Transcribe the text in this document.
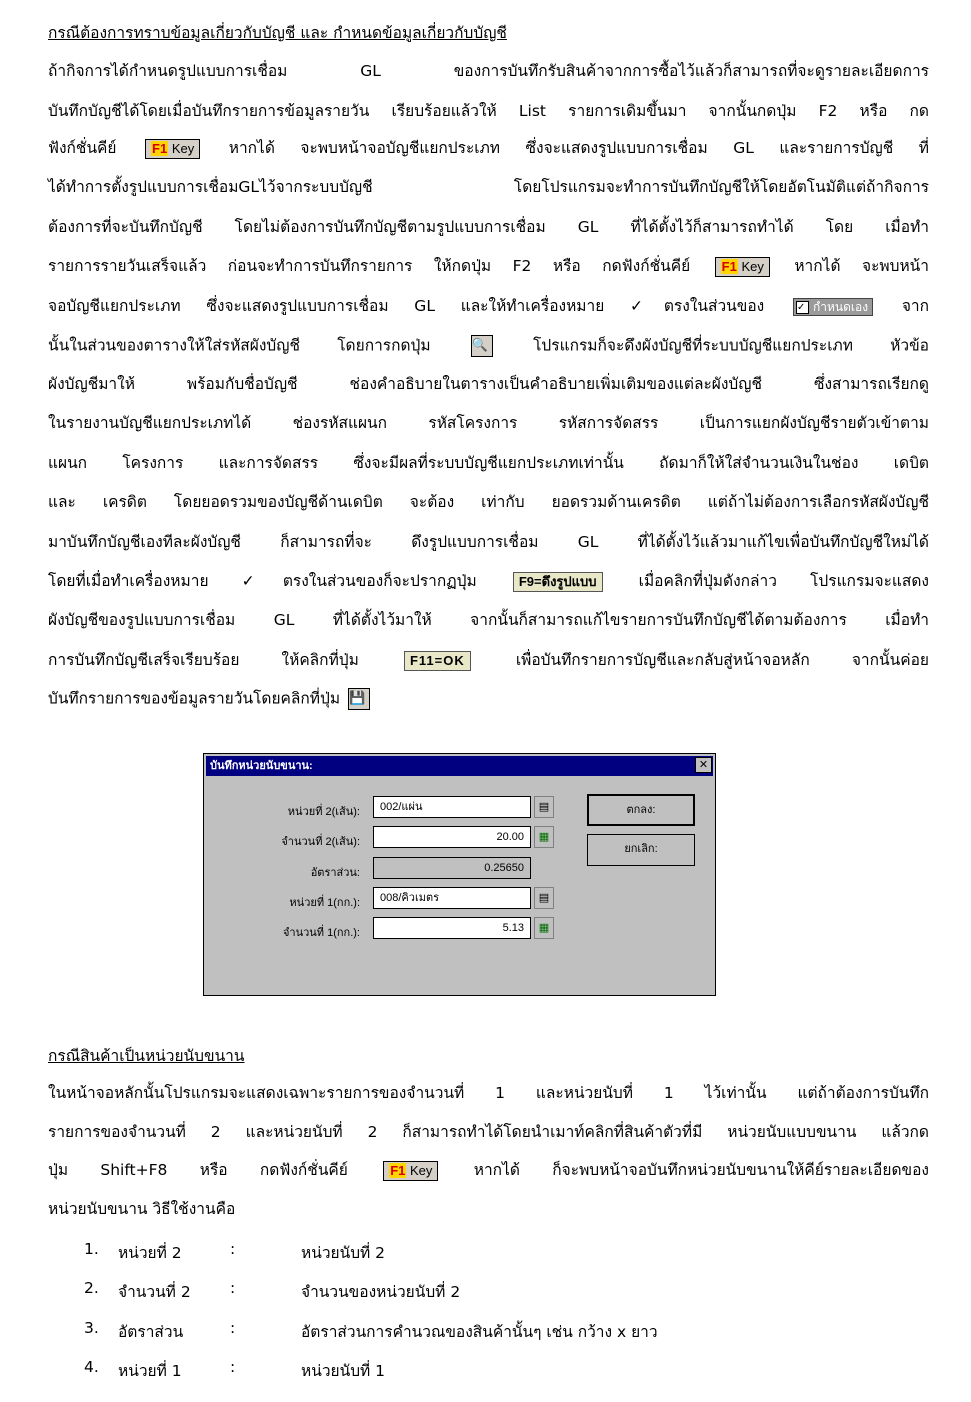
กรณีต้องการทราบข้อมูลเกี่ยวกับบัญชี และ กำหนดข้อมูลเกี่ยวกับบัญชี
ถ้ากิจการได้กำหนดรูปแบบการเชื่อม GL ของการบันทึกรับสินค้าจากการซื้อไว้แล้วก็สามารถที่จะดูรายละเอียดการ
บันทึกบัญชีได้โดยเมื่อบันทึกรายการข้อมูลรายวัน เรียบร้อยแล้วให้ List รายการเดิมขึ้นมา จากนั้นกดปุ่ม F2 หรือ กด
ฟังก์ชั่นคีย์	F1 Key หากได้ จะพบหน้าจอบัญชีแยกประเภท ซึ่งจะแสดงรูปแบบการเชื่อม GL และรายการบัญชี ที่
ได้ทำการตั้งรูปแบบการเชื่อมGLไว้จากระบบบัญชี โดยโปรแกรมจะทำการบันทึกบัญชีให้โดยอัตโนมัติแต่ถ้ากิจการ
ต้องการที่จะบันทึกบัญชี โดยไม่ต้องการบันทึกบัญชีตามรูปแบบการเชื่อม GL ที่ได้ตั้งไว้ก็สามารถทำได้ โดย เมื่อทำ
รายการรายวันเสร็จแล้ว ก่อนจะทำการบันทึกรายการ ให้กดปุ่ม F2 หรือ กดฟังก์ชั่นคีย์ F1 Key หากได้ จะพบหน้า
จอบัญชีแยกประเภท ซึ่งจะแสดงรูปแบบการเชื่อม GL และให้ทำเครื่องหมาย ✓ตรงในส่วนของ	✓ กำหนดเอง จาก
นั้นในส่วนของตารางให้ใส่รหัสผังบัญชี โดยการกดปุ่ม	🔍	โปรแกรมก็จะดึงผังบัญชีที่ระบบบัญชีแยกประเภท หัวข้อ
ผังบัญชีมาให้ พร้อมกับชื่อบัญชี ช่องคำอธิบายในตารางเป็นคำอธิบายเพิ่มเติมของแต่ละผังบัญชี ซึ่งสามารถเรียกดู
ในรายงานบัญชีแยกประเภทได้ ช่องรหัสแผนก รหัสโครงการ รหัสการจัดสรร เป็นการแยกผังบัญชีรายตัวเข้าตาม
แผนก โครงการ และการจัดสรร ซึ่งจะมีผลที่ระบบบัญชีแยกประเภทเท่านั้น ถัดมาก็ให้ใส่จำนวนเงินในช่อง เดบิต
และ เครดิต โดยยอดรวมของบัญชีด้านเดบิต จะต้อง เท่ากับ ยอดรวมด้านเครดิต แต่ถ้าไม่ต้องการเลือกรหัสผังบัญชี
มาบันทึกบัญชีเองทีละผังบัญชี ก็สามารถที่จะ ดึงรูปแบบการเชื่อม GL ที่ได้ตั้งไว้แล้วมาแก้ไขเพื่อบันทึกบัญชีใหม่ได้
โดยที่เมื่อทำเครื่องหมาย ✓ตรงในส่วนของก็จะปรากฏปุ่ม	F9=ดึงรูปแบบ	เมื่อคลิกที่ปุ่มดังกล่าว โปรแกรมจะแสดง
ผังบัญชีของรูปแบบการเชื่อม GL ที่ได้ตั้งไว้มาให้ จากนั้นก็สามารถแก้ไขรายการบันทึกบัญชีได้ตามต้องการ เมื่อทำ
การบันทึกบัญชีเสร็จเรียบร้อย ให้คลิกที่ปุ่ม	F11=OK	เพื่อบันทึกรายการบัญชีและกลับสู่หน้าจอหลัก จากนั้นค่อย
บันทึกรายการของข้อมูลรายวันโดยคลิกที่ปุ่ม 💾
บันทึกหน่วยนับขนาน:	✕
หน่วยที่ 2(เส้น):	002/แผ่น	▤
จำนวนที่ 2(เส้น):	20.00	▦
อัตราส่วน:	0.25650
หน่วยที่ 1(กก.):	008/คิวเมตร	▤
จำนวนที่ 1(กก.):	5.13	▦
ตกลง:
ยกเลิก:
กรณีสินค้าเป็นหน่วยนับขนาน
ในหน้าจอหลักนั้นโปรแกรมจะแสดงเฉพาะรายการของจำนวนที่ 1 และหน่วยนับที่ 1 ไว้เท่านั้น แต่ถ้าต้องการบันทึก
รายการของจำนวนที่ 2 และหน่วยนับที่ 2 ก็สามารถทำได้โดยนำเมาท์คลิกที่สินค้าตัวที่มี หน่วยนับแบบขนาน แล้วกด
ปุ่ม Shift+F8 หรือ กดฟังก์ชั่นคีย์	F1 Key	หากได้ ก็จะพบหน้าจอบันทึกหน่วยนับขนานให้คีย์รายละเอียดของ
หน่วยนับขนาน วิธีใช้งานคือ
1. หน่วยที่ 2	:	หน่วยนับที่ 2
2. จำนวนที่ 2	:	จำนวนของหน่วยนับที่ 2
3. อัตราส่วน	:	อัตราส่วนการคำนวณของสินค้านั้นๆ เช่น กว้าง x ยาว
4. หน่วยที่ 1	:	หน่วยนับที่ 1
